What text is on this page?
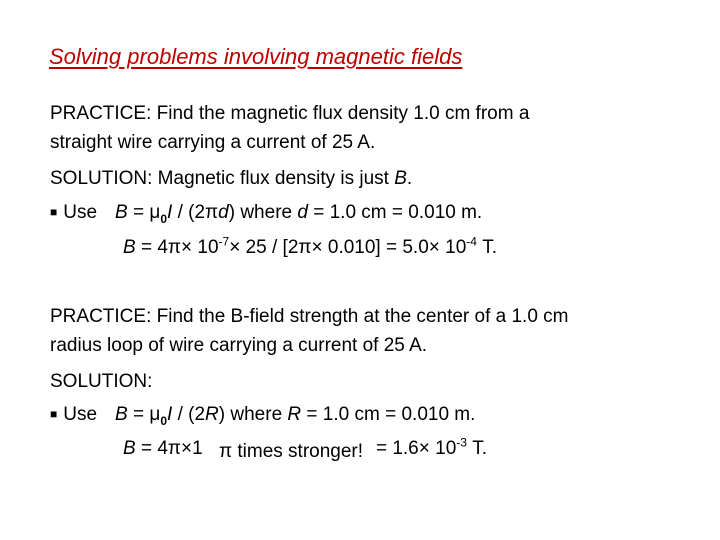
Solving problems involving magnetic fields
PRACTICE: Find the magnetic flux density 1.0 cm from a
straight wire carrying a current of 25 A.
SOLUTION: Magnetic flux density is just B.
■ Use $B = \mu_0I / (2\pi d)$ where d = 1.0 cm = 0.010 m.
$B = 4\pi\times 10^{-7}\times 25 / [2\pi\times 0.010] = 5.0\times 10^{-4}$ T.
PRACTICE: Find the B-field strength at the center of a 1.0 cm
radius loop of wire carrying a current of 25 A.
SOLUTION:
■ Use $B = \mu_0I / (2R)$ where R = 1.0 cm = 0.010 m.
B = 4π×1	= $1.6\times 10^{-3}$ T.
π times stronger!
